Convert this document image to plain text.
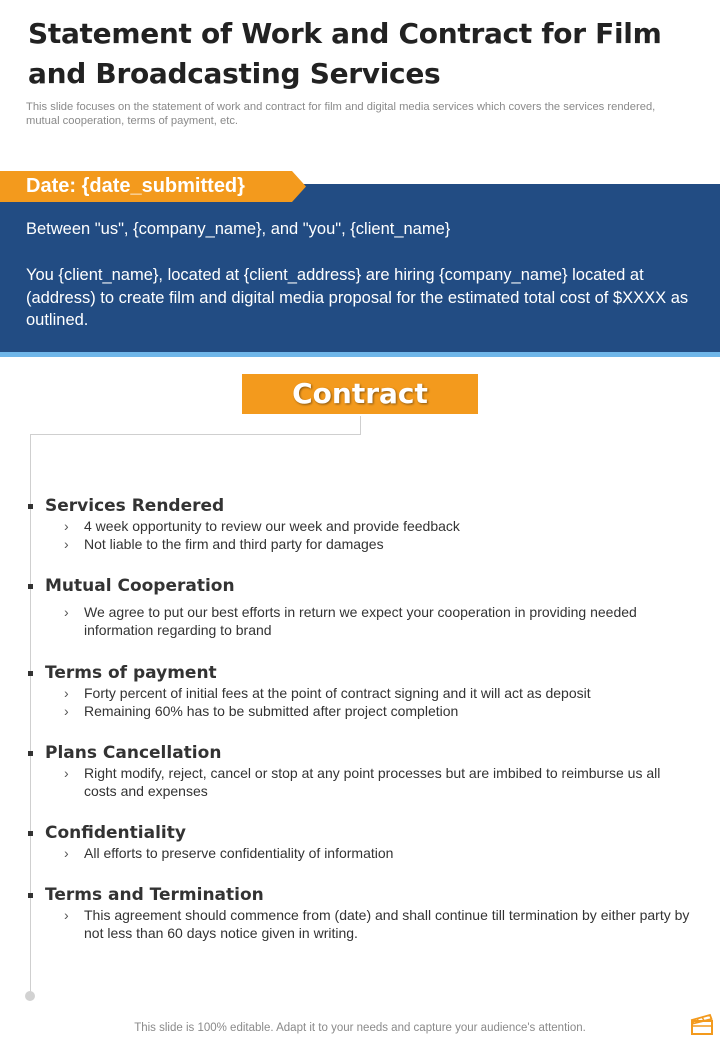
Statement of Work and Contract for Film and Broadcasting Services
This slide focuses on the statement of work and contract for film and digital media services which covers the services rendered, mutual cooperation, terms of payment, etc.
Date: {date_submitted}
Between "us", {company_name}, and "you", {client_name}
You {client_name}, located at {client_address} are hiring {company_name} located at (address) to create film and digital media proposal for the estimated total cost of $XXXX as outlined.
Contract
Services Rendered
› 4 week opportunity to review our week and provide feedback
› Not liable to the firm and third party for damages
Mutual Cooperation
› We agree to put our best efforts in return we expect your cooperation in providing needed information regarding to brand
Terms of payment
› Forty percent of initial fees at the point of contract signing and it will act as deposit
› Remaining 60% has to be submitted after project completion
Plans Cancellation
› Right modify, reject, cancel or stop at any point processes but are imbibed to reimburse us all costs and expenses
Confidentiality
› All efforts to preserve confidentiality of information
Terms and Termination
› This agreement should commence from (date) and shall continue till termination by either party by not less than 60 days notice given in writing.
This slide is 100% editable. Adapt it to your needs and capture your audience's attention.
